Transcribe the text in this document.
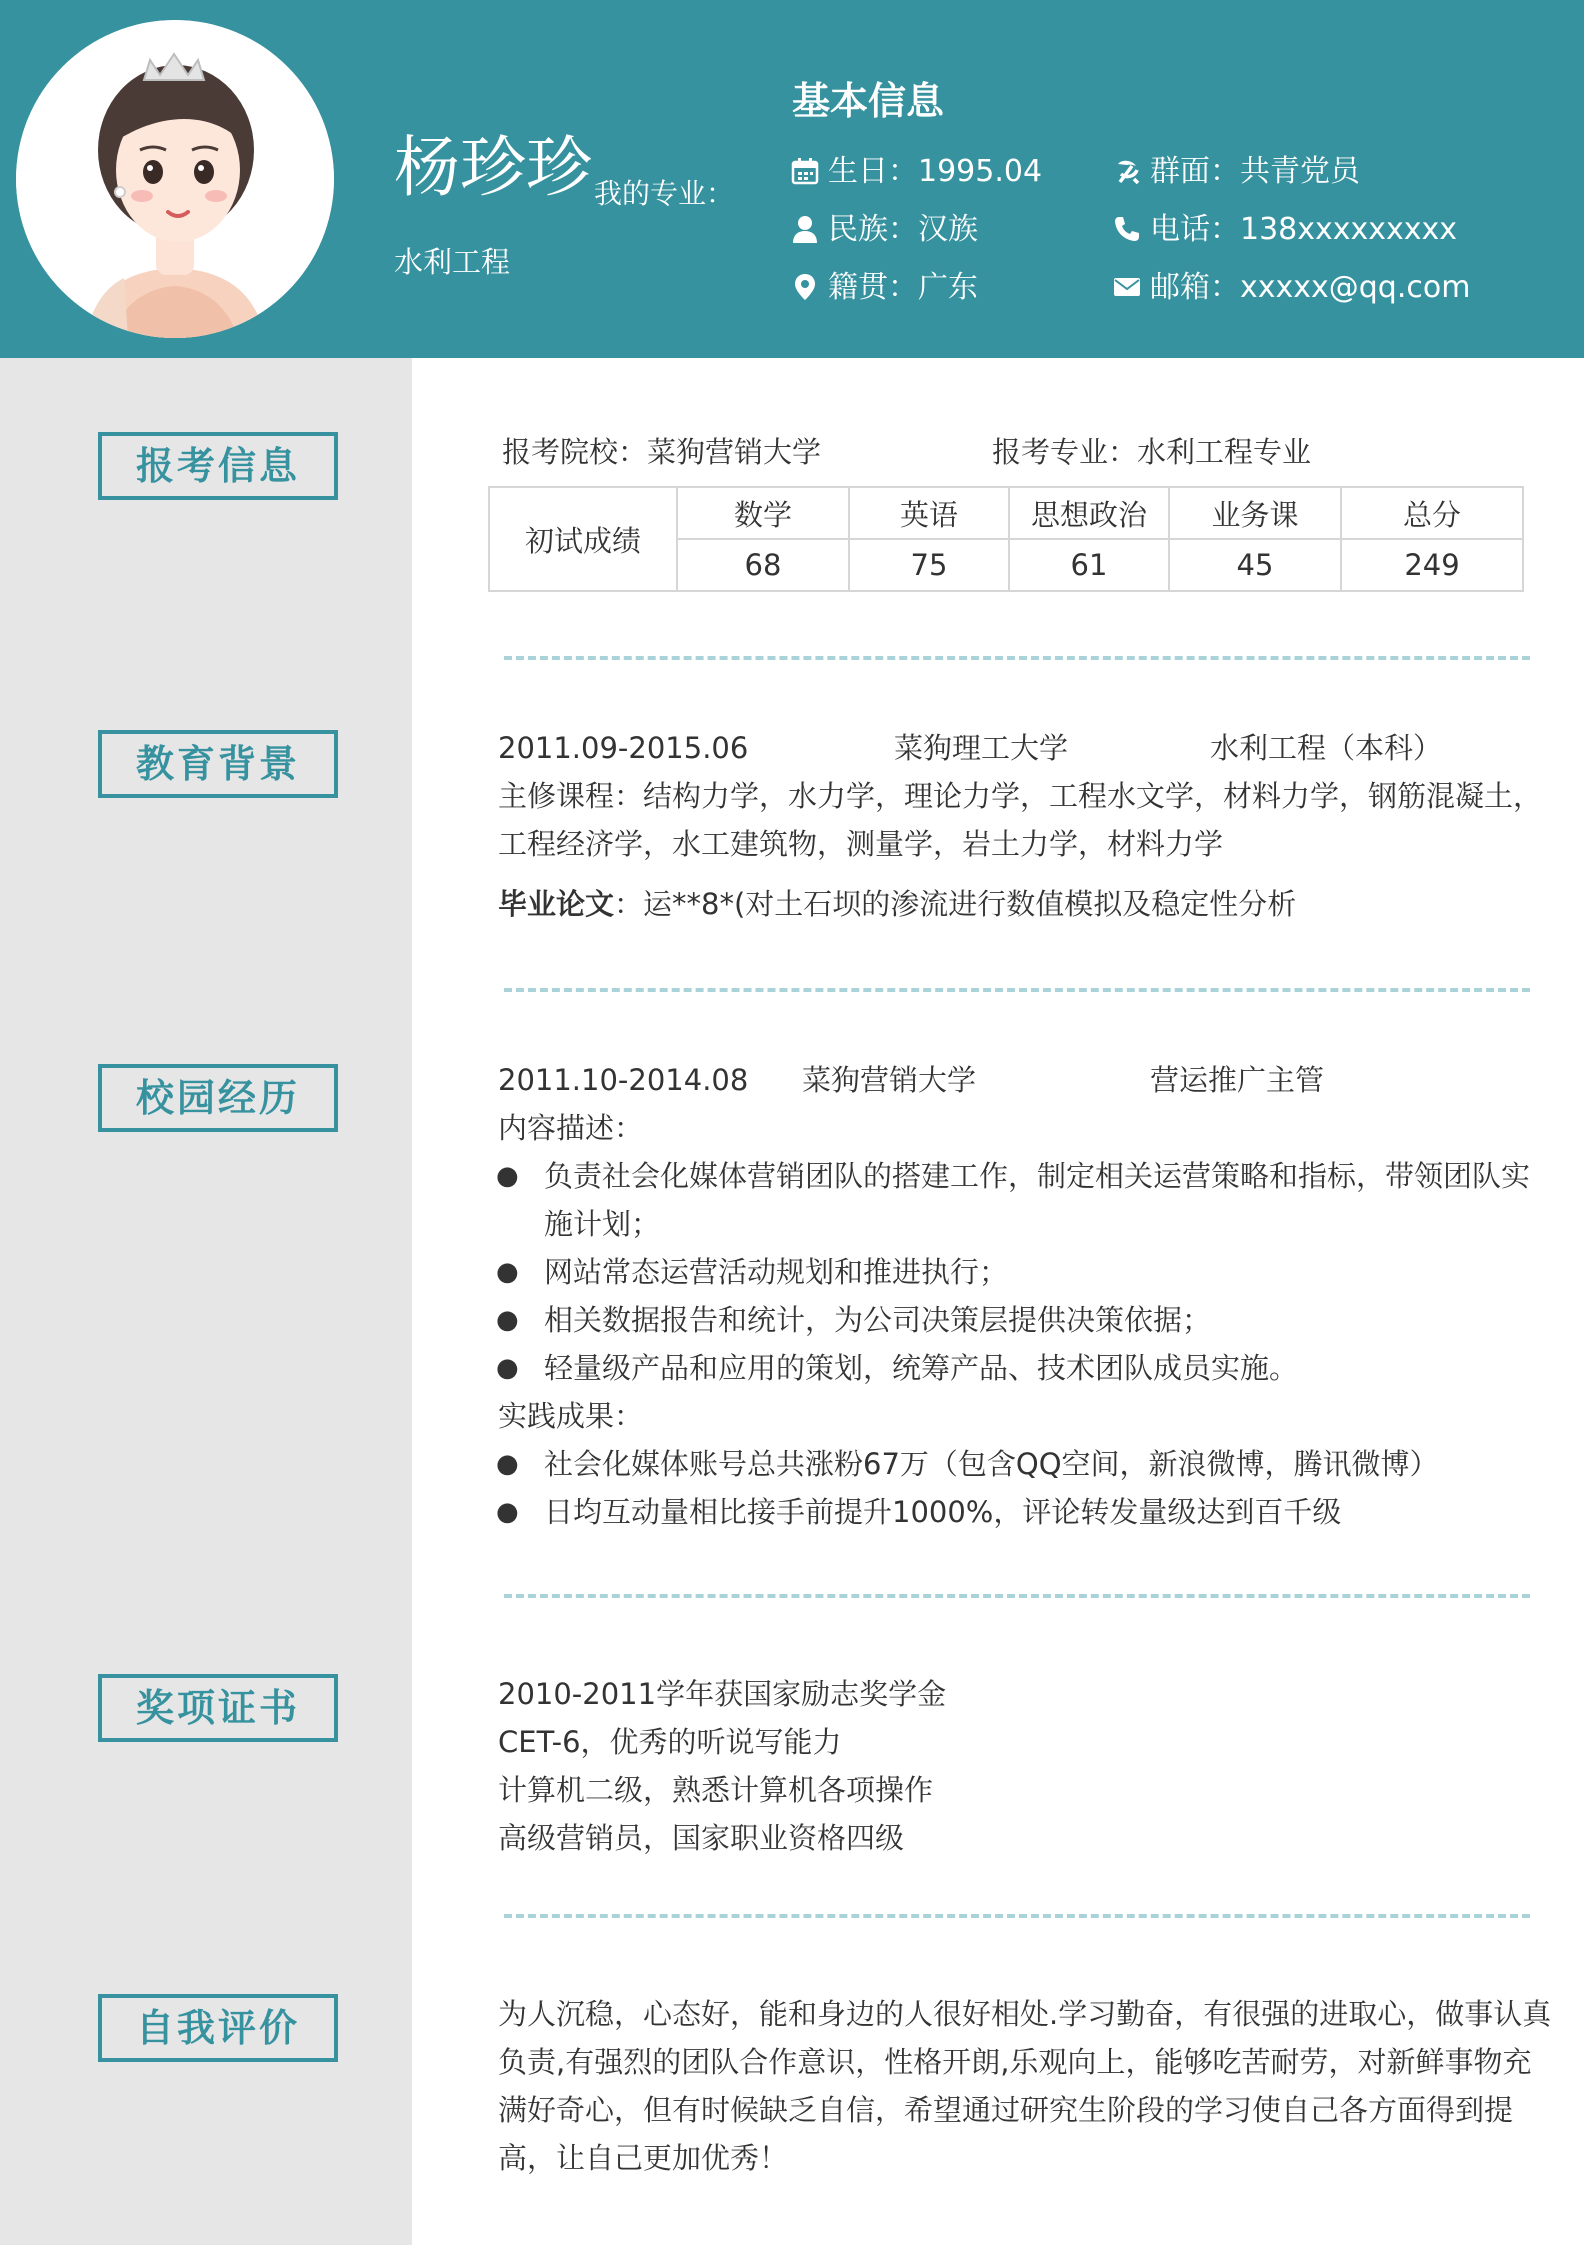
杨珍珍 我的专业：
水利工程
基本信息
生日：1995.04
民族：汉族
籍贯：广东
群面：共青党员
电话：138xxxxxxxxx
邮箱：xxxxx@qq.com
报考信息
教育背景
校园经历
奖项证书
自我评价
报考院校：菜狗营销大学	报考专业：水利工程专业
初试成绩	数学	英语	思想政治	业务课	总分
	68	75	61	45	249
2011.09-2015.06	菜狗理工大学	水利工程（本科）
主修课程：结构力学，水力学，理论力学，工程水文学，材料力学，钢筋混凝土，
工程经济学，水工建筑物，测量学，岩土力学，材料力学
毕业论文：运**8*(对土石坝的渗流进行数值模拟及稳定性分析
2011.10-2014.08 菜狗营销大学	营运推广主管
内容描述：
● 负责社会化媒体营销团队的搭建工作，制定相关运营策略和指标，带领团队实
施计划；
● 网站常态运营活动规划和推进执行；
● 相关数据报告和统计，为公司决策层提供决策依据；
● 轻量级产品和应用的策划，统筹产品、技术团队成员实施。
实践成果：
● 社会化媒体账号总共涨粉67万（包含QQ空间，新浪微博，腾讯微博）
● 日均互动量相比接手前提升1000%，评论转发量级达到百千级
2010-2011学年获国家励志奖学金
CET-6，优秀的听说写能力
计算机二级，熟悉计算机各项操作
高级营销员，国家职业资格四级
为人沉稳，心态好，能和身边的人很好相处.学习勤奋，有很强的进取心，做事认真
负责,有强烈的团队合作意识，性格开朗,乐观向上，能够吃苦耐劳，对新鲜事物充
满好奇心，但有时候缺乏自信，希望通过研究生阶段的学习使自己各方面得到提
高，让自己更加优秀！
